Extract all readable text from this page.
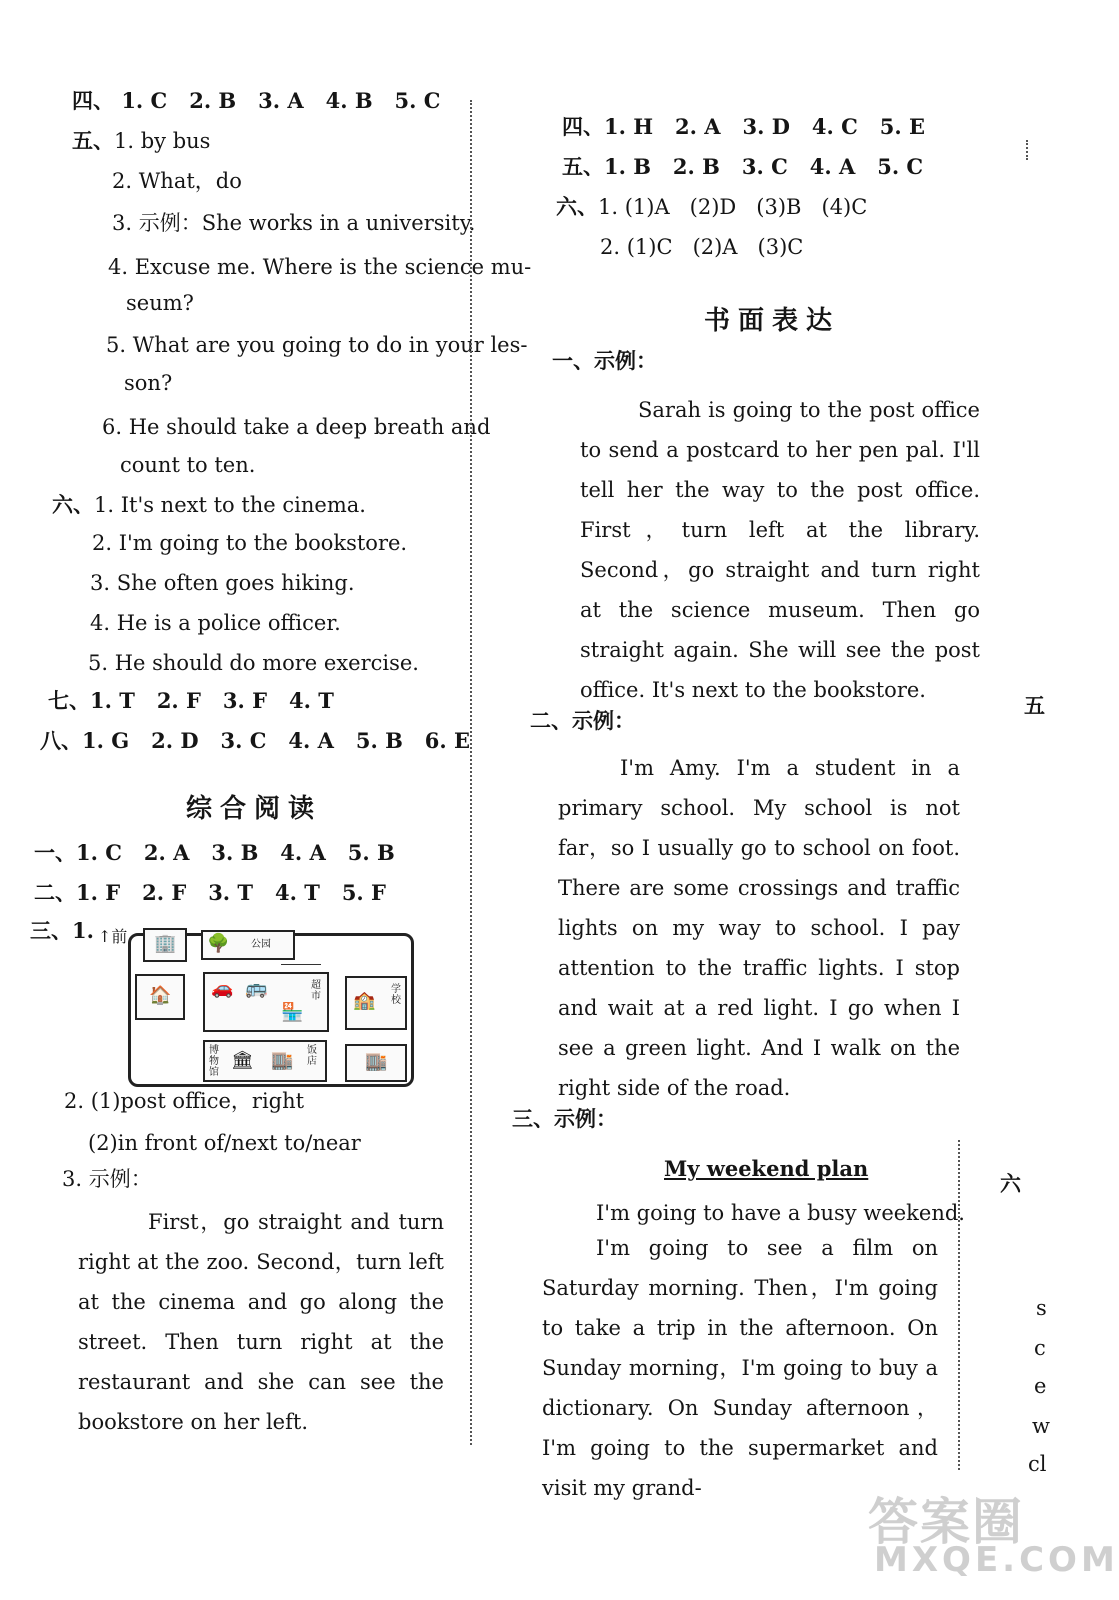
四、 1. C 2. B 3. A 4. B 5. C
五、1. by bus
2. What，do
3. 示例：She works in a university.
4. Excuse me. Where is the science mu-
seum?
5. What are you going to do in your les-
son?
6. He should take a deep breath and
count to ten.
六、1. It's next to the cinema.
2. I'm going to the bookstore.
3. She often goes hiking.
4. He is a police officer.
5. He should do more exercise.
七、1. T 2. F 3. F 4. T
八、1. G 2. D 3. C 4. A 5. B 6. E
综合阅读
一、1. C 2. A 3. B 4. A 5. B
二、1. F 2. F 3. T 4. T 5. F
三、1. ↑前 🏢 🌳 公园
🏠 🚗 🚌	超市
🏪
🏫
学校
博物馆
🏛 🏬 饭店	🏬
2. (1)post office，right
(2)in front of/next to/near
3. 示例：
First，go straight and turn right at the zoo. Second，turn left at the cinema and go along the street. Then turn right at the restaurant and she can see the bookstore on her left.
四、1. H 2. A 3. D 4. C 5. E
五、1. B 2. B 3. C 4. A 5. C
六、1. (1)A (2)D (3)B (4)C
2. (1)C (2)A (3)C
书面表达
一、示例：
Sarah is going to the post office to send a postcard to her pen pal. I'll tell her the way to the post office. First，turn left at the library. Second，go straight and turn right at the science museum. Then go straight again. She will see the post office. It's next to the bookstore.
二、示例：
I'm Amy. I'm a student in a primary school. My school is not far，so I usually go to school on foot. There are some crossings and traffic lights on my way to school. I pay attention to the traffic lights. I stop and wait at a red light. I go when I see a green light. And I walk on the right side of the road.
三、示例：
My weekend plan
I'm going to have a busy weekend.
I'm going to see a film on Saturday morning. Then，I'm going to take a trip in the afternoon. On Sunday morning，I'm going to buy a dictionary. On Sunday afternoon，I'm going to the supermarket and visit my grand-
五
六
s
c
e
w
cl
答案圈
MXQE.COM
